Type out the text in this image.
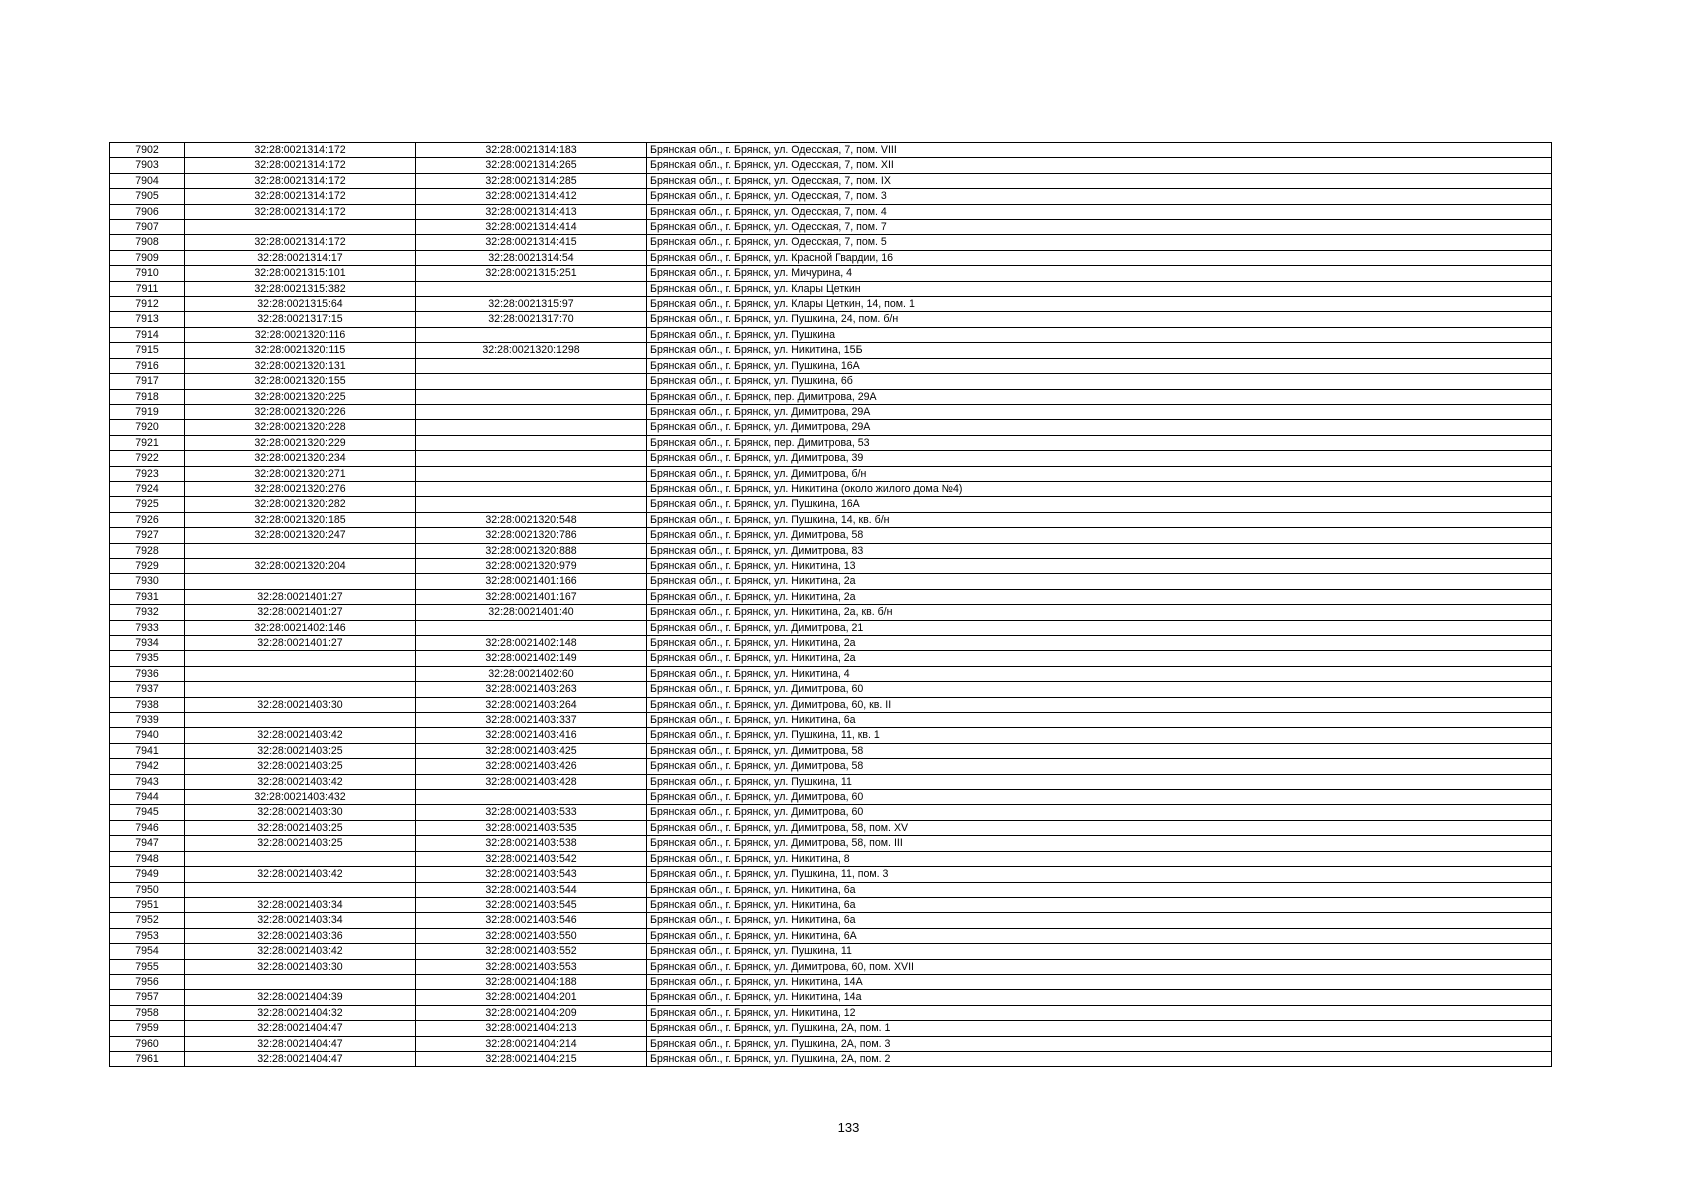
7902	32:28:0021314:172	32:28:0021314:183	Брянская обл., г. Брянск, ул. Одесская, 7, пом. VIII
7903	32:28:0021314:172	32:28:0021314:265	Брянская обл., г. Брянск, ул. Одесская, 7, пом. XII
7904	32:28:0021314:172	32:28:0021314:285	Брянская обл., г. Брянск, ул. Одесская, 7, пом. IX
7905	32:28:0021314:172	32:28:0021314:412	Брянская обл., г. Брянск, ул. Одесская, 7, пом. 3
7906	32:28:0021314:172	32:28:0021314:413	Брянская обл., г. Брянск, ул. Одесская, 7, пом. 4
7907		32:28:0021314:414	Брянская обл., г. Брянск, ул. Одесская, 7, пом. 7
7908	32:28:0021314:172	32:28:0021314:415	Брянская обл., г. Брянск, ул. Одесская, 7, пом. 5
7909	32:28:0021314:17	32:28:0021314:54	Брянская обл., г. Брянск, ул. Красной Гвардии, 16
7910	32:28:0021315:101	32:28:0021315:251	Брянская обл., г. Брянск, ул. Мичурина, 4
7911	32:28:0021315:382		Брянская обл., г. Брянск, ул. Клары Цеткин
7912	32:28:0021315:64	32:28:0021315:97	Брянская обл., г. Брянск, ул. Клары Цеткин, 14, пом. 1
7913	32:28:0021317:15	32:28:0021317:70	Брянская обл., г. Брянск, ул. Пушкина, 24, пом. б/н
7914	32:28:0021320:116		Брянская обл., г. Брянск, ул. Пушкина
7915	32:28:0021320:115	32:28:0021320:1298	Брянская обл., г. Брянск, ул. Никитина, 15Б
7916	32:28:0021320:131		Брянская обл., г. Брянск, ул. Пушкина, 16А
7917	32:28:0021320:155		Брянская обл., г. Брянск, ул. Пушкина, 6б
7918	32:28:0021320:225		Брянская обл., г. Брянск, пер. Димитрова, 29А
7919	32:28:0021320:226		Брянская обл., г. Брянск, ул. Димитрова, 29А
7920	32:28:0021320:228		Брянская обл., г. Брянск, ул. Димитрова, 29А
7921	32:28:0021320:229		Брянская обл., г. Брянск, пер. Димитрова, 53
7922	32:28:0021320:234		Брянская обл., г. Брянск, ул. Димитрова, 39
7923	32:28:0021320:271		Брянская обл., г. Брянск, ул. Димитрова, б/н
7924	32:28:0021320:276		Брянская обл., г. Брянск, ул. Никитина (около жилого дома №4)
7925	32:28:0021320:282		Брянская обл., г. Брянск, ул. Пушкина, 16А
7926	32:28:0021320:185	32:28:0021320:548	Брянская обл., г. Брянск, ул. Пушкина, 14, кв. б/н
7927	32:28:0021320:247	32:28:0021320:786	Брянская обл., г. Брянск, ул. Димитрова, 58
7928		32:28:0021320:888	Брянская обл., г. Брянск, ул. Димитрова, 83
7929	32:28:0021320:204	32:28:0021320:979	Брянская обл., г. Брянск, ул. Никитина, 13
7930		32:28:0021401:166	Брянская обл., г. Брянск, ул. Никитина, 2а
7931	32:28:0021401:27	32:28:0021401:167	Брянская обл., г. Брянск, ул. Никитина, 2а
7932	32:28:0021401:27	32:28:0021401:40	Брянская обл., г. Брянск, ул. Никитина, 2а, кв. б/н
7933	32:28:0021402:146		Брянская обл., г. Брянск, ул. Димитрова, 21
7934	32:28:0021401:27	32:28:0021402:148	Брянская обл., г. Брянск, ул. Никитина, 2а
7935		32:28:0021402:149	Брянская обл., г. Брянск, ул. Никитина, 2а
7936		32:28:0021402:60	Брянская обл., г. Брянск, ул. Никитина, 4
7937		32:28:0021403:263	Брянская обл., г. Брянск, ул. Димитрова, 60
7938	32:28:0021403:30	32:28:0021403:264	Брянская обл., г. Брянск, ул. Димитрова, 60, кв. II
7939		32:28:0021403:337	Брянская обл., г. Брянск, ул. Никитина, 6а
7940	32:28:0021403:42	32:28:0021403:416	Брянская обл., г. Брянск, ул. Пушкина, 11, кв. 1
7941	32:28:0021403:25	32:28:0021403:425	Брянская обл., г. Брянск, ул. Димитрова, 58
7942	32:28:0021403:25	32:28:0021403:426	Брянская обл., г. Брянск, ул. Димитрова, 58
7943	32:28:0021403:42	32:28:0021403:428	Брянская обл., г. Брянск, ул. Пушкина, 11
7944	32:28:0021403:432		Брянская обл., г. Брянск, ул. Димитрова, 60
7945	32:28:0021403:30	32:28:0021403:533	Брянская обл., г. Брянск, ул. Димитрова, 60
7946	32:28:0021403:25	32:28:0021403:535	Брянская обл., г. Брянск, ул. Димитрова, 58, пом. XV
7947	32:28:0021403:25	32:28:0021403:538	Брянская обл., г. Брянск, ул. Димитрова, 58, пом. III
7948		32:28:0021403:542	Брянская обл., г. Брянск, ул. Никитина, 8
7949	32:28:0021403:42	32:28:0021403:543	Брянская обл., г. Брянск, ул. Пушкина, 11, пом. 3
7950		32:28:0021403:544	Брянская обл., г. Брянск, ул. Никитина, 6а
7951	32:28:0021403:34	32:28:0021403:545	Брянская обл., г. Брянск, ул. Никитина, 6а
7952	32:28:0021403:34	32:28:0021403:546	Брянская обл., г. Брянск, ул. Никитина, 6а
7953	32:28:0021403:36	32:28:0021403:550	Брянская обл., г. Брянск, ул. Никитина, 6А
7954	32:28:0021403:42	32:28:0021403:552	Брянская обл., г. Брянск, ул. Пушкина, 11
7955	32:28:0021403:30	32:28:0021403:553	Брянская обл., г. Брянск, ул. Димитрова, 60, пом. XVII
7956		32:28:0021404:188	Брянская обл., г. Брянск, ул. Никитина, 14А
7957	32:28:0021404:39	32:28:0021404:201	Брянская обл., г. Брянск, ул. Никитина, 14а
7958	32:28:0021404:32	32:28:0021404:209	Брянская обл., г. Брянск, ул. Никитина, 12
7959	32:28:0021404:47	32:28:0021404:213	Брянская обл., г. Брянск, ул. Пушкина, 2А, пом. 1
7960	32:28:0021404:47	32:28:0021404:214	Брянская обл., г. Брянск, ул. Пушкина, 2А, пом. 3
7961	32:28:0021404:47	32:28:0021404:215	Брянская обл., г. Брянск, ул. Пушкина, 2А, пом. 2
133
